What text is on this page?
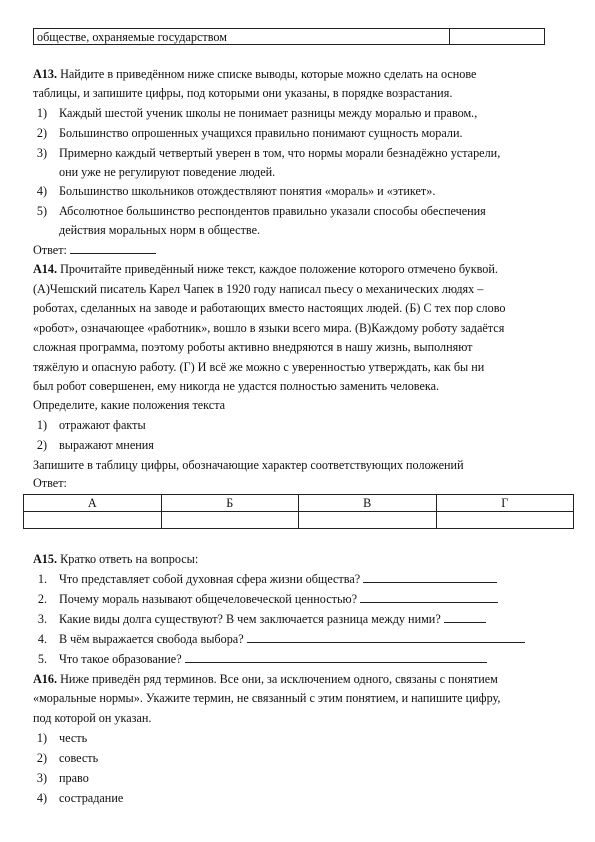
обществе, охраняемые государством
А13. Найдите в приведённом ниже списке выводы, которые можно сделать на основе
таблицы, и запишите цифры, под которыми они указаны, в порядке возрастания.
1) Каждый шестой ученик школы не понимает разницы между моралью и правом.,
2) Большинство опрошенных учащихся правильно понимают сущность морали.
3) Примерно каждый четвертый уверен в том, что нормы морали безнадёжно устарели,
они уже не регулируют поведение людей.
4) Большинство школьников отождествляют понятия «мораль» и «этикет».
5) Абсолютное большинство респондентов правильно указали способы обеспечения
действия моральных норм в обществе.
Ответ:
А14. Прочитайте приведённый ниже текст, каждое положение которого отмечено буквой.
(А)Чешский писатель Карел Чапек в 1920 году написал пьесу о механических людях –
роботах, сделанных на заводе и работающих вместо настоящих людей. (Б) С тех пор слово
«робот», означающее «работник», вошло в языки всего мира. (В)Каждому роботу задаётся
сложная программа, поэтому роботы активно внедряются в нашу жизнь, выполняют
тяжёлую и опасную работу. (Г) И всё же можно с уверенностью утверждать, как бы ни
был робот совершенен, ему никогда не удастся полностью заменить человека.
Определите, какие положения текста
1) отражают факты
2) выражают мнения
Запишите в таблицу цифры, обозначающие характер соответствующих положений
Ответ:
А	Б	В	Г

А15. Кратко ответь на вопросы:
1. Что представляет собой духовная сфера жизни общества?
2. Почему мораль называют общечеловеческой ценностью?
3. Какие виды долга существуют? В чем заключается разница между ними?
4. В чём выражается свобода выбора?
5. Что такое образование?
А16. Ниже приведён ряд терминов. Все они, за исключением одного, связаны с понятием
«моральные нормы». Укажите термин, не связанный с этим понятием, и напишите цифру,
под которой он указан.
1) честь
2) совесть
3) право
4) сострадание
